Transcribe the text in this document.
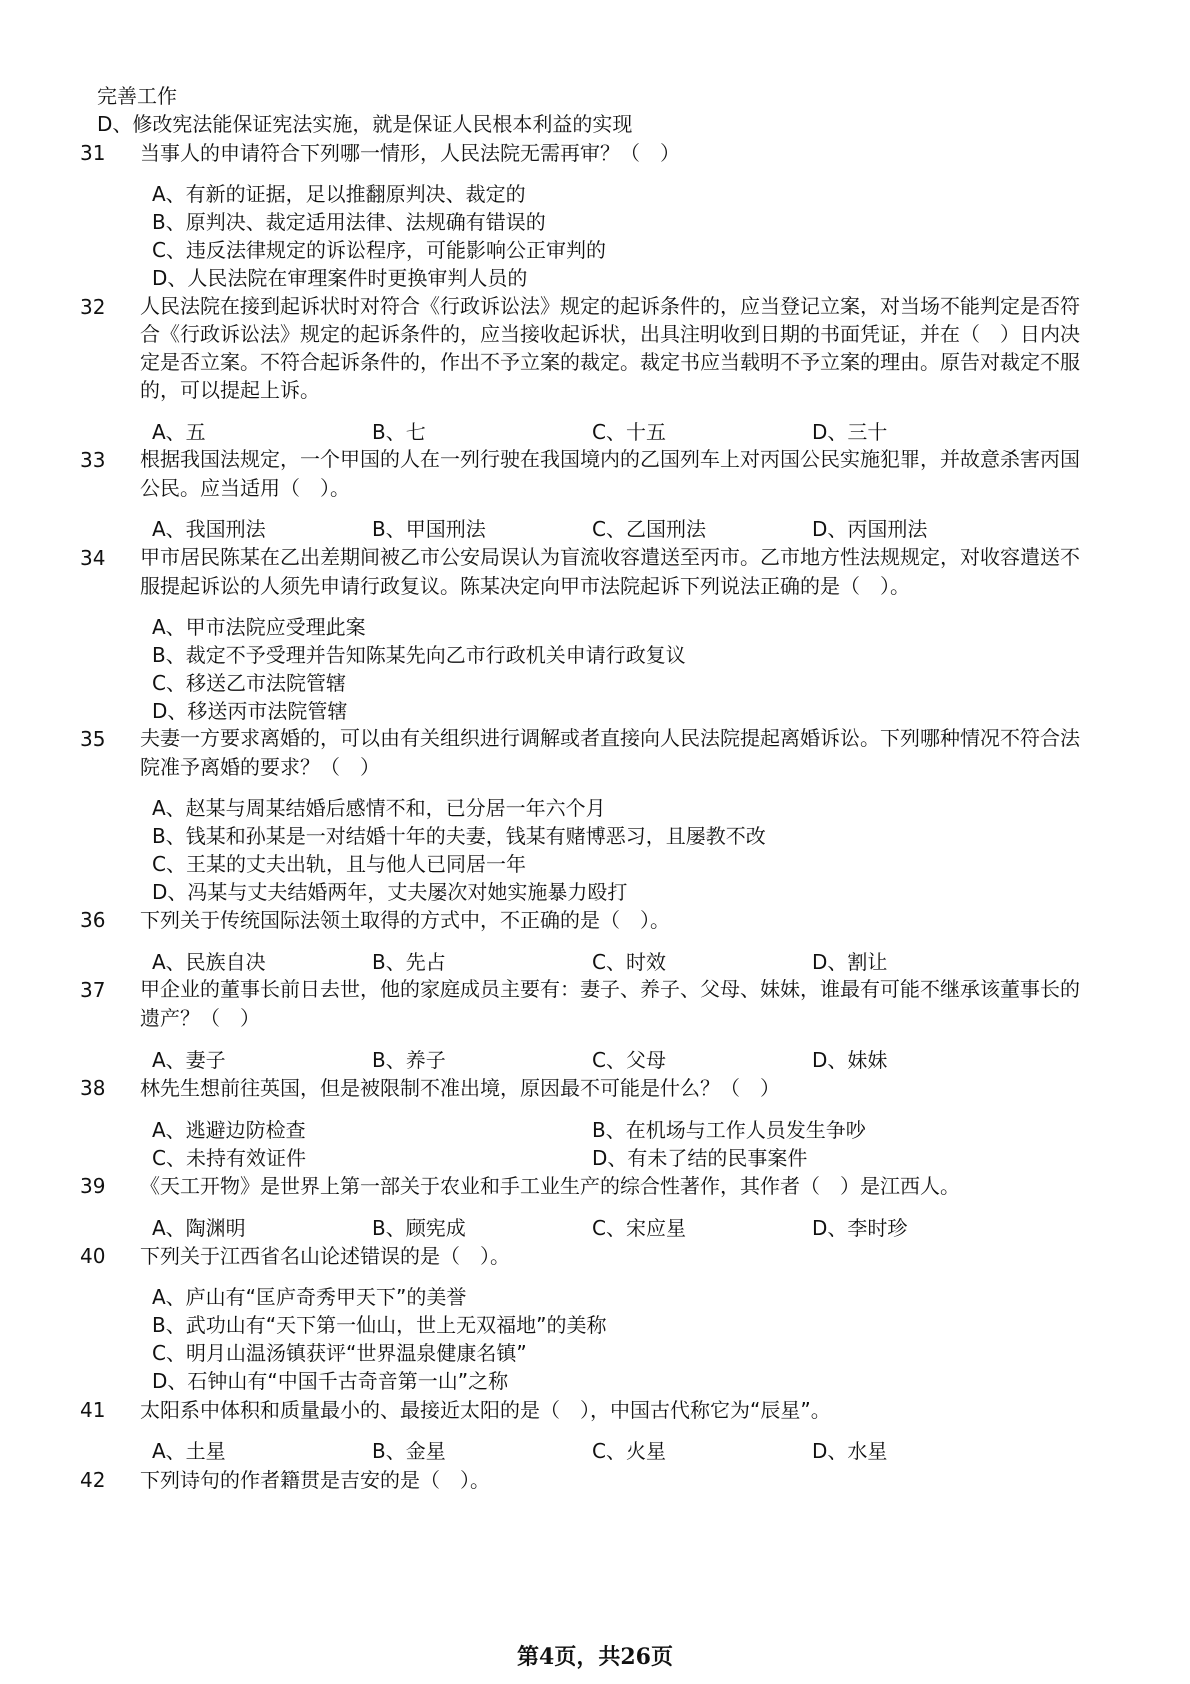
完善工作
D、修改宪法能保证宪法实施，就是保证人民根本利益的实现
31	当事人的申请符合下列哪一情形，人民法院无需再审？（　）
A、有新的证据，足以推翻原判决、裁定的
B、原判决、裁定适用法律、法规确有错误的
C、违反法律规定的诉讼程序，可能影响公正审判的
D、人民法院在审理案件时更换审判人员的
32	人民法院在接到起诉状时对符合《行政诉讼法》规定的起诉条件的，应当登记立案，对当场不能判定是否符合《行政诉讼法》规定的起诉条件的，应当接收起诉状，出具注明收到日期的书面凭证，并在（　）日内决定是否立案。不符合起诉条件的，作出不予立案的裁定。裁定书应当载明不予立案的理由。原告对裁定不服的，可以提起上诉。
A、五	B、七	C、十五	D、三十
33	根据我国法规定，一个甲国的人在一列行驶在我国境内的乙国列车上对丙国公民实施犯罪，并故意杀害丙国公民。应当适用（　）。
A、我国刑法	B、甲国刑法	C、乙国刑法	D、丙国刑法
34	甲市居民陈某在乙出差期间被乙市公安局误认为盲流收容遣送至丙市。乙市地方性法规规定，对收容遣送不服提起诉讼的人须先申请行政复议。陈某决定向甲市法院起诉下列说法正确的是（　）。
A、甲市法院应受理此案
B、裁定不予受理并告知陈某先向乙市行政机关申请行政复议
C、移送乙市法院管辖
D、移送丙市法院管辖
35	夫妻一方要求离婚的，可以由有关组织进行调解或者直接向人民法院提起离婚诉讼。下列哪种情况不符合法院准予离婚的要求？（　）
A、赵某与周某结婚后感情不和，已分居一年六个月
B、钱某和孙某是一对结婚十年的夫妻，钱某有赌博恶习，且屡教不改
C、王某的丈夫出轨，且与他人已同居一年
D、冯某与丈夫结婚两年，丈夫屡次对她实施暴力殴打
36	下列关于传统国际法领土取得的方式中，不正确的是（　）。
A、民族自决	B、先占	C、时效	D、割让
37	甲企业的董事长前日去世，他的家庭成员主要有：妻子、养子、父母、妹妹，谁最有可能不继承该董事长的遗产？（　）
A、妻子	B、养子	C、父母	D、妹妹
38	林先生想前往英国，但是被限制不准出境，原因最不可能是什么？（　）
A、逃避边防检查	B、在机场与工作人员发生争吵
C、未持有效证件	D、有未了结的民事案件
39	《天工开物》是世界上第一部关于农业和手工业生产的综合性著作，其作者（　）是江西人。
A、陶渊明	B、顾宪成	C、宋应星	D、李时珍
40	下列关于江西省名山论述错误的是（　）。
A、庐山有“匡庐奇秀甲天下”的美誉
B、武功山有“天下第一仙山，世上无双福地”的美称
C、明月山温汤镇获评“世界温泉健康名镇”
D、石钟山有“中国千古奇音第一山”之称
41	太阳系中体积和质量最小的、最接近太阳的是（　），中国古代称它为“辰星”。
A、土星	B、金星	C、火星	D、水星
42	下列诗句的作者籍贯是吉安的是（　）。
第4页，共26页
